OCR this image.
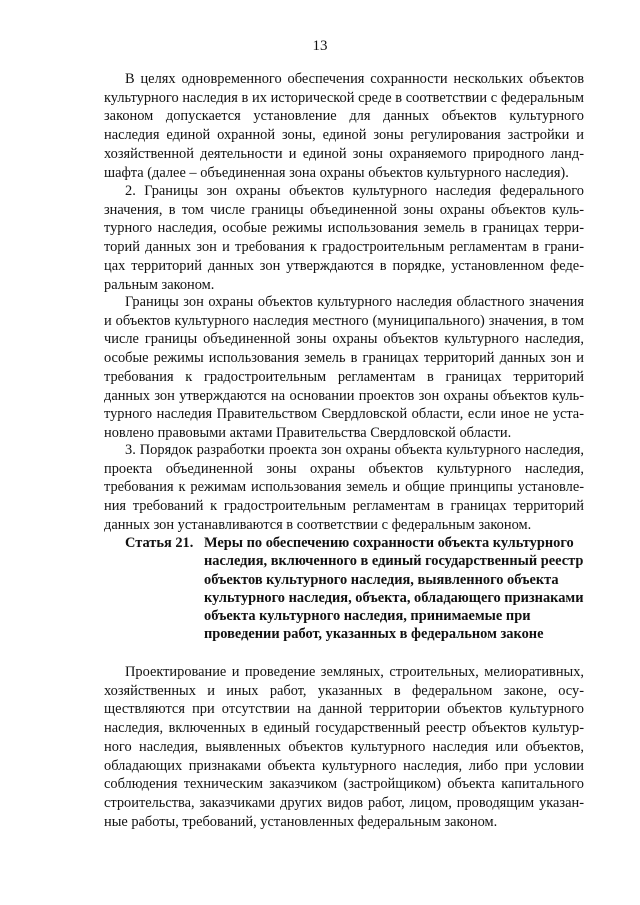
13

В целях одновременного обеспечения сохранности нескольких объектов культурного наследия в их исторической среде в соответствии с федеральным законом допускается установление для данных объектов культурного наследия единой охранной зоны, единой зоны регулирования застройки и хозяйственной деятельности и единой зоны охраняемого природного ландшафта (далее – объединенная зона охраны объектов культурного наследия).

2. Границы зон охраны объектов культурного наследия федерального значения, в том числе границы объединенной зоны охраны объектов культурного наследия, особые режимы использования земель в границах территорий данных зон и требования к градостроительным регламентам в границах территорий данных зон утверждаются в порядке, установленном федеральным законом.

Границы зон охраны объектов культурного наследия областного значения и объектов культурного наследия местного (муниципального) значения, в том числе границы объединенной зоны охраны объектов культурного наследия, особые режимы использования земель в границах территорий данных зон и требования к градостроительным регламентам в границах территорий данных зон утверждаются на основании проектов зон охраны объектов культурного наследия Правительством Свердловской области, если иное не установлено правовыми актами Правительства Свердловской области.

3. Порядок разработки проекта зон охраны объекта культурного наследия, проекта объединенной зоны охраны объектов культурного наследия, требования к режимам использования земель и общие принципы установления требований к градостроительным регламентам в границах территорий данных зон устанавливаются в соответствии с федеральным законом.

Статья 21. Меры по обеспечению сохранности объекта культурного наследия, включенного в единый государственный реестр объектов культурного наследия, выявленного объекта культурного наследия, объекта, обладающего признаками объекта культурного наследия, принимаемые при проведении работ, указанных в федеральном законе

Проектирование и проведение земляных, строительных, мелиоративных, хозяйственных и иных работ, указанных в федеральном законе, осуществляются при отсутствии на данной территории объектов культурного наследия, включенных в единый государственный реестр объектов культурного наследия, выявленных объектов культурного наследия или объектов, обладающих признаками объекта культурного наследия, либо при условии соблюдения техническим заказчиком (застройщиком) объекта капитального строительства, заказчиками других видов работ, лицом, проводящим указанные работы, требований, установленных федеральным законом.
